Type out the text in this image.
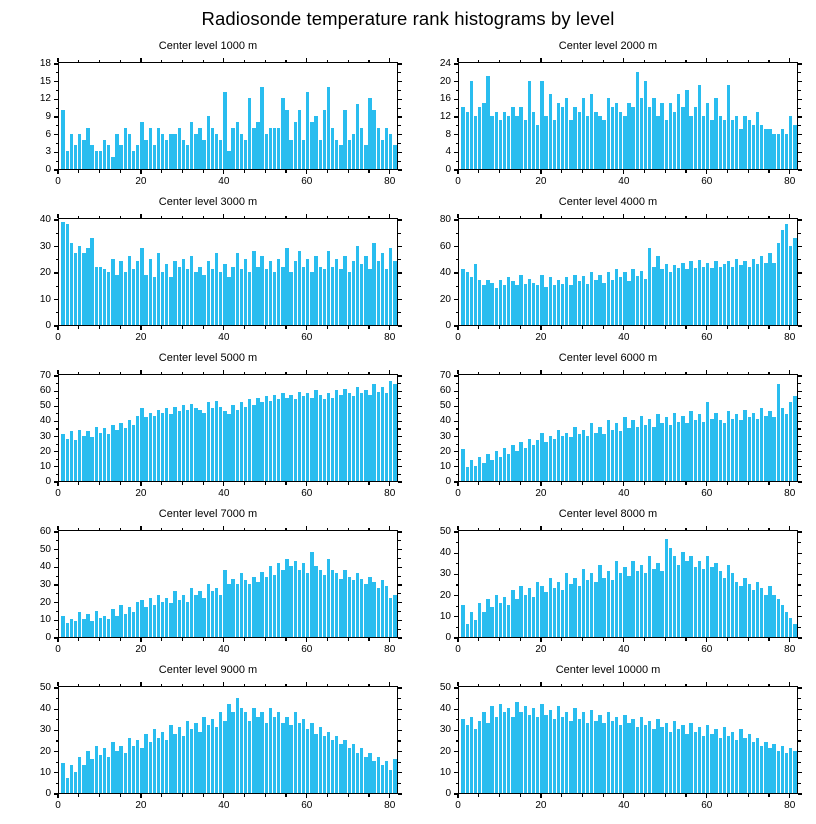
Radiosonde temperature rank histograms by level
Center level 1000 m
0
3
6
9
12
15
18
0	20	40	60	80
Center level 2000 m
0
4
8
12
16
20
24
0	20	40	60	80
Center level 3000 m
0
10
20
30
40
0	20	40	60	80
Center level 4000 m
0
20
40
60
80
0	20	40	60	80
Center level 5000 m
0
10
20
30
40
50
60
70
0	20	40	60	80
Center level 6000 m
0
10
20
30
40
50
60
70
0	20	40	60	80
Center level 7000 m
0
10
20
30
40
50
60
0	20	40	60	80
Center level 8000 m
0
10
20
30
40
50
0	20	40	60	80
Center level 9000 m
0
10
20
30
40
50
0	20	40	60	80
Center level 10000 m
0
10
20
30
40
50
0	20	40	60	80
